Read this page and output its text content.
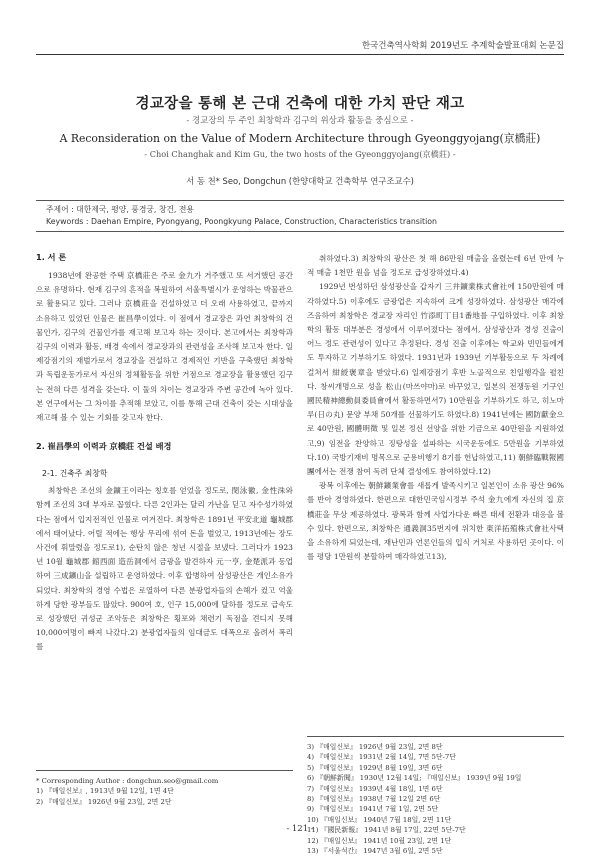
한국건축역사학회 2019년도 추계학술발표대회 논문집
경교장을 통해 본 근대 건축에 대한 가치 판단 재고
- 경교장의 두 주인 최창학과 김구의 위상과 활동을 중심으로 -
A Reconsideration on the Value of Modern Architecture through Gyeonggyojang(京橋莊)
- Choi Changhak and Kim Gu, the two hosts of the Gyeonggyojang(京橋莊) -
서 동 천* Seo, Dongchun (한양대학교 건축학부 연구조교수)
주제어 : 대한제국, 평양, 풍경궁, 창건, 전용
Keywords : Daehan Empire, Pyongyang, Poongkyung Palace, Construction, Characteristics transition

1. 서 론

1938년에 완공한 주택 京橋莊은 주로 金九가 거주했고 또 서거했던 공간으로 유명하다. 현재 김구의 흔적을 복원하여 서울특별시가 운영하는 박물관으로 활용되고 있다. 그러나 京橋莊을 건설하였고 더 오래 사용하였고, 끝까지 소유하고 있었던 인물은 崔昌學이었다. 이 점에서 경교장은 과연 최창학의 건물인가, 김구의 건물인가를 재고해 보고자 하는 것이다. 본고에서는 최창학과 김구의 이력과 활동, 배경 속에서 경교장과의 관련성을 조사해 보고자 한다. 일제강점기의 재벌가로서 경교장을 건설하고 경제적인 기반을 구축했던 최창학과 독립운동가로서 자신의 정체활동을 위한 거점으로 경교장을 활용했던 김구는 전혀 다른 성격을 갖는다. 이 둘의 차이는 경교장과 주변 공간에 녹아 있다. 본 연구에서는 그 차이를 추적해 보았고, 이를 통해 근대 건축이 갖는 시대상을 재고해 볼 수 있는 기회를 갖고자 한다.

2. 崔昌學의 이력과 京橋莊 건설 배경

2-1. 건축주 최창학

최창학은 조선의 金鑛王이라는 칭호를 얻었을 정도로, 閔泳徽, 金性洙와 함께 조선의 3대 부자로 꼽혔다. 다른 2인과는 달리 가난을 딛고 자수성가하였다는 점에서 입지전적인 인물로 여겨진다. 최창학은 1891년 平安北道 龜城郡에서 태어났다. 어릴 적에는 행상 무리에 섞여 돈을 벌었고, 1913년에는 장도사건에 휘말렸을 정도로1), 순탄치 않은 청년 시절을 보냈다. 그러다가 1923년 10월 龜城郡 館西面 造岳洞에서 금광을 발견하자 元一亨, 金楚派과 동업하여 三成鑛山을 설립하고 운영하였다. 이후 합병하여 삼성광산은 개인소유가 되었다. 최창학의 경영 수법은 로열하여 다른 분광업자들의 손해가 컸고 억울하게 당한 광부들도 많았다. 900여 호, 인구 15,000에 달하를 정도로 급속도로 성장했던 귀성군 조악동은 최창학은 횡포와 채련기 독점을 견디지 못해 10,000여명이 빠져 나갔다.2) 분광업자들의 임대금도 대폭으로 올려서 폭리를

취하였다.3) 최창학의 광산은 첫 해 86만원 매출을 올렸는데 6년 만에 누적 매출 1천만 원을 넘을 정도로 급성장하였다.4)

1929년 번성하던 삼성광산을 갑자기 三井鑛業株式會社에 150만원에 매각하였다.5) 이후에도 금광업은 지속하여 크게 성장하였다. 삼성광산 매각에 즈음하여 최창학은 경교장 자리인 竹添町丁目1番地를 구입하였다. 이후 최창학의 활동 대부분은 경성에서 이루어졌다는 점에서, 삼성광산과 경성 진출이 어느 정도 관련성이 있다고 추정된다. 경성 진출 이후에는 학교와 빈민들에게도 투자하고 기부하기도 하였다. 1931년과 1939년 기부활동으로 두 차례에 걸쳐서 紺綬褒章을 받았다.6) 일제강점기 후반 노골적으로 친일행각을 펼친다. 창씨개명으로 성을 松山(마쓰야마)로 바꾸었고, 일본의 전쟁동원 기구인 國民精神總動員委員會에서 활동하면서7) 10만원을 기부하기도 하고, 히노마루(日の丸) 문양 부채 50개를 선물하기도 하였다.8) 1941년에는 國防獻金으로 40만원, 國體明徵 및 일본 정신 선양을 위한 기금으로 40만원을 지원하였고,9) 임전을 찬양하고 징탕성을 설파하는 시국운동에도 5만원을 기부하였다.10) 국방기재비 명목으로 군용비행기 8기를 헌납하였고,11) 朝鮮臨戰報國團에서는 전쟁 참여 독려 단체 결성에도 참여하였다.12)

광복 이후에는 朝鮮鑛業會를 새롭게 발족시키고 일본인이 소유 광산 96%를 반아 경영하였다. 한편으로 대한민국임시정부 주석 金九에게 자신의 집 京橋莊을 무상 제공하였다. 광복과 함께 사업가다운 빠른 태세 전환과 대응을 볼 수 있다. 한편으로, 최창학은 通義洞35번지에 위치한 東洋拓殖株式會社사택을 소유하게 되었는데, 재난민과 언론인들의 입식 거처로 사용하던 곳이다. 이를 평당 1만원씩 분할하여 매각하였고13),

* Corresponding Author : dongchun.seo@gmail.com

1) 『매일신보』, 1913년 9월 12일, 1면 4단

2) 『매일신보』 1926년 9월 23일, 2면 2단

3) 『매일신보』 1926년 9월 23일, 2면 8단

4) 『매일신보』 1931년 2월 14일, 7면 5단-7단

5) 『매일신보』 1929년 8월 19일, 3면 6단

6) 『朝鮮新聞』 1930년 12월 14일; 『매일신보』 1939년 9월 19일

7) 『매일신보』 1939년 4월 18일, 1면 6단

8) 『매일신보』 1938년 7월 12일 2면 6단

9) 『매일신보』 1941년 7월 1일, 2면 5단

10) 『매일신보』 1940년 7월 18일, 2면 11단

11) 『國民新報』 1941년 8월 17일, 22면 5단-7단

12) 『매일신보』 1941년 10월 23일, 2면 1단

13) 『서울석간』 1947년 3월 6일, 2면 5단

- 121 -
